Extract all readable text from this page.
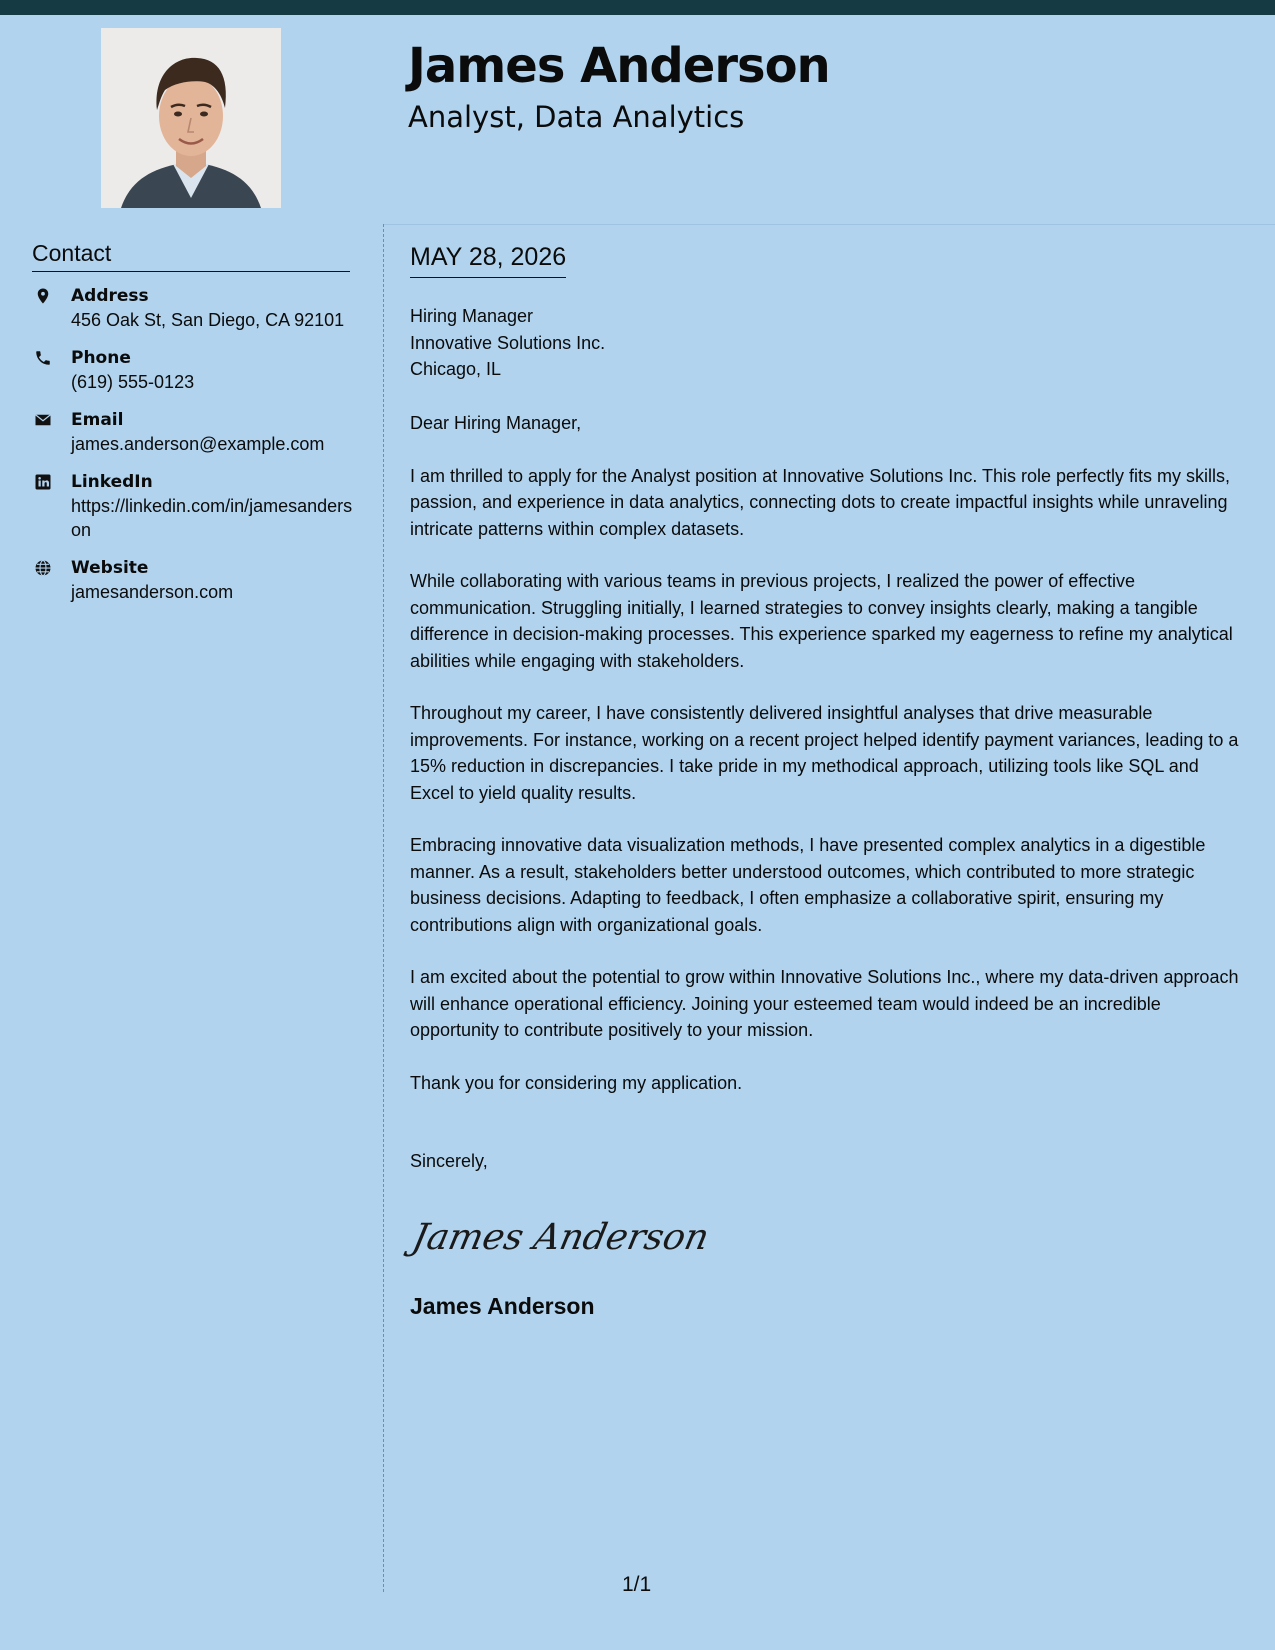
James Anderson
Analyst, Data Analytics
Contact
Address
456 Oak St, San Diego, CA 92101
Phone
(619) 555-0123
Email
james.anderson@example.com
LinkedIn
https://linkedin.com/in/jamesanderson
Website
jamesanderson.com
MAY 28, 2026
Hiring Manager
Innovative Solutions Inc.
Chicago, IL

Dear Hiring Manager,

I am thrilled to apply for the Analyst position at Innovative Solutions Inc. This role perfectly fits my skills, passion, and experience in data analytics, connecting dots to create impactful insights while unraveling intricate patterns within complex datasets.

While collaborating with various teams in previous projects, I realized the power of effective communication. Struggling initially, I learned strategies to convey insights clearly, making a tangible difference in decision-making processes. This experience sparked my eagerness to refine my analytical abilities while engaging with stakeholders.

Throughout my career, I have consistently delivered insightful analyses that drive measurable improvements. For instance, working on a recent project helped identify payment variances, leading to a 15% reduction in discrepancies. I take pride in my methodical approach, utilizing tools like SQL and Excel to yield quality results.

Embracing innovative data visualization methods, I have presented complex analytics in a digestible manner. As a result, stakeholders better understood outcomes, which contributed to more strategic business decisions. Adapting to feedback, I often emphasize a collaborative spirit, ensuring my contributions align with organizational goals.

I am excited about the potential to grow within Innovative Solutions Inc., where my data-driven approach will enhance operational efficiency. Joining your esteemed team would indeed be an incredible opportunity to contribute positively to your mission.

Thank you for considering my application.

Sincerely,
James Anderson
James Anderson
1/1
